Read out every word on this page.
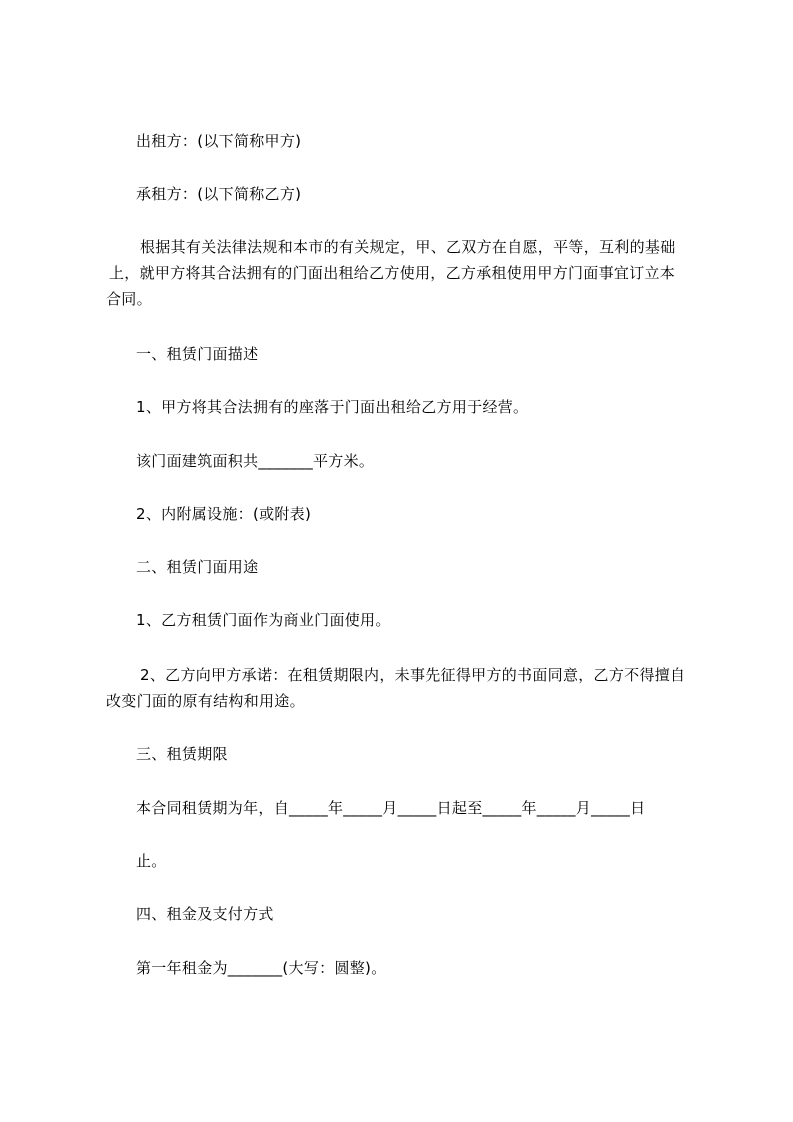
出租方：(以下简称甲方)

承租方：(以下简称乙方)

根据其有关法律法规和本市的有关规定，甲、乙双方在自愿，平等，互利的基础
上，就甲方将其合法拥有的门面出租给乙方使用，乙方承租使用甲方门面事宜订立本
合同。

一、租赁门面描述

1、甲方将其合法拥有的座落于门面出租给乙方用于经营。

该门面建筑面积共_______平方米。

2、内附属设施：(或附表)

二、租赁门面用途

1、乙方租赁门面作为商业门面使用。

2、乙方向甲方承诺：在租赁期限内，未事先征得甲方的书面同意，乙方不得擅自
改变门面的原有结构和用途。

三、租赁期限

本合同租赁期为年，自_____年_____月_____日起至_____年_____月_____日

止。

四、租金及支付方式

第一年租金为_______(大写：圆整)。
